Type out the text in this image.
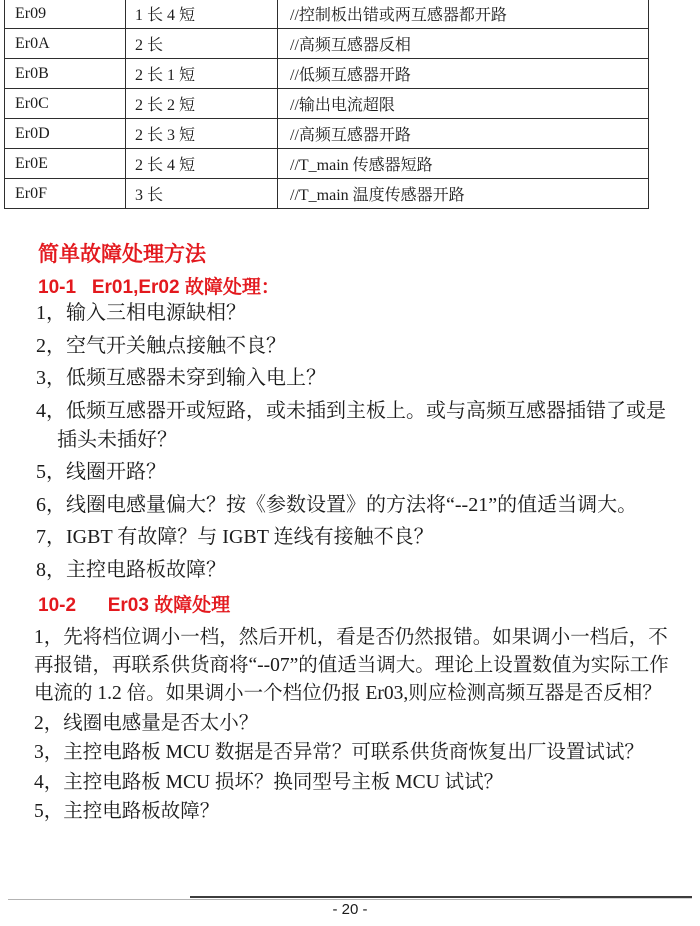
Er09	1 长 4 短	//控制板出错或两互感器都开路
Er0A	2 长	//高频互感器反相
Er0B	2 长 1 短	//低频互感器开路
Er0C	2 长 2 短	//输出电流超限
Er0D	2 长 3 短	//高频互感器开路
Er0E	2 长 4 短	//T_main 传感器短路
Er0F	3 长	//T_main 温度传感器开路
简单故障处理方法
10-1   Er01,Er02 故障处理：
1，输入三相电源缺相？
2，空气开关触点接触不良？
3，低频互感器未穿到输入电上？
4，低频互感器开或短路，或未插到主板上。或与高频互感器插错了或是插头未插好？
5，线圈开路？
6，线圈电感量偏大？按《参数设置》的方法将“--21”的值适当调大。
7，IGBT 有故障？与 IGBT 连线有接触不良？
8，主控电路板故障？
10-2      Er03 故障处理
1，先将档位调小一档，然后开机，看是否仍然报错。如果调小一档后，不再报错，再联系供货商将“--07”的值适当调大。理论上设置数值为实际工作电流的 1.2 倍。如果调小一个档位仍报 Er03,则应检测高频互器是否反相？
2，线圈电感量是否太小？
3，主控电路板 MCU 数据是否异常？可联系供货商恢复出厂设置试试？
4，主控电路板 MCU 损坏？换同型号主板 MCU 试试？
5，主控电路板故障？
- 20 -
